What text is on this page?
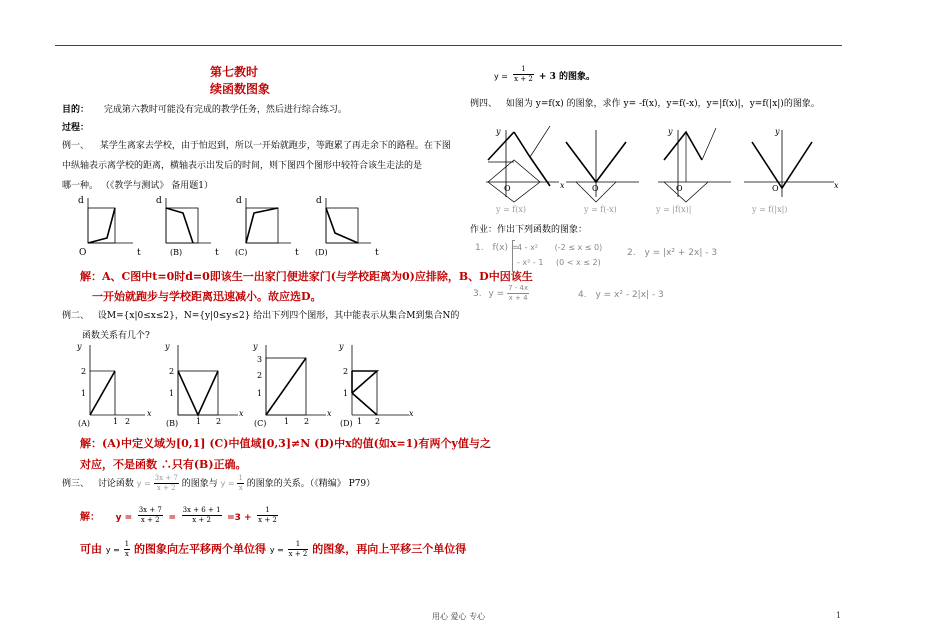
第七教时
续函数图象
目的： 完成第六教时可能没有完成的教学任务，然后进行综合练习。
过程：
例一、 某学生离家去学校，由于怕迟到，所以一开始就跑步，等跑累了再走余下的路程。在下图
中纵轴表示离学校的距离，横轴表示出发后的时间，则下图四个图形中较符合该生走法的是
哪一种。 （《教学与测试》 备用题1）
d
O	t
d
(B)	t
d
(C)	t
d
(D)	t
解：A、C图中t=0时d=0即该生一出家门便进家门(与学校距离为0)应排除，B、D中因该生
一开始就跑步与学校距离迅速减小。故应选D。
例二、 设M={x|0≤x≤2}，N={y|0≤y≤2} 给出下列四个图形，其中能表示从集合M到集合N的
函数关系有几个?
y
2
1
1 2
x
(A)
y
2
1
1 2
x
(B)
y
3
2
1
1 2
x
(C)
y
2
1
1 2
x
(D)
解：(A)中定义域为[0,1] (C)中值域[0,3]≠N (D)中x的值(如x=1)有两个y值与之
对应，不是函数 ∴只有(B)正确。
例三、 讨论函数 $y = \frac{3x + 7}{x + 2}$ 的图象与 $y = \frac{1}{x}$ 的图象的关系。（《精编》 P79）
解： $y = \frac{3x + 7}{x + 2} = \frac{3x + 6 + 1}{x + 2} =3 + \frac{1}{x + 2}$
可由 $y = \frac{1}{x}$ 的图象向左平移两个单位得 $y = \frac{1}{x + 2}$ 的图象，再向上平移三个单位得
$y = \frac{1}{x + 2} + 3$ 的图象。
例四、 如图为 y=f(x) 的图象，求作 y= -f(x)，y=f(-x)，y=|f(x)|，y=f(|x|)的图象。
y
O	x
y = f(x)
O
y = f(-x)
y
O
y = |f(x)|
y
O	x
y = f(|x|)
作业：作出下列函数的图象：
1. f(x) =
4 - x² (-2 ≤ x ≤ 0)
- x² - 1 (0 < x ≤ 2)
2. y = |x² + 2x| - 3
3. $y = \frac{7 - 4x}{x + 4}$	4. y = x² - 2|x| - 3
用心 爱心 专心	1
